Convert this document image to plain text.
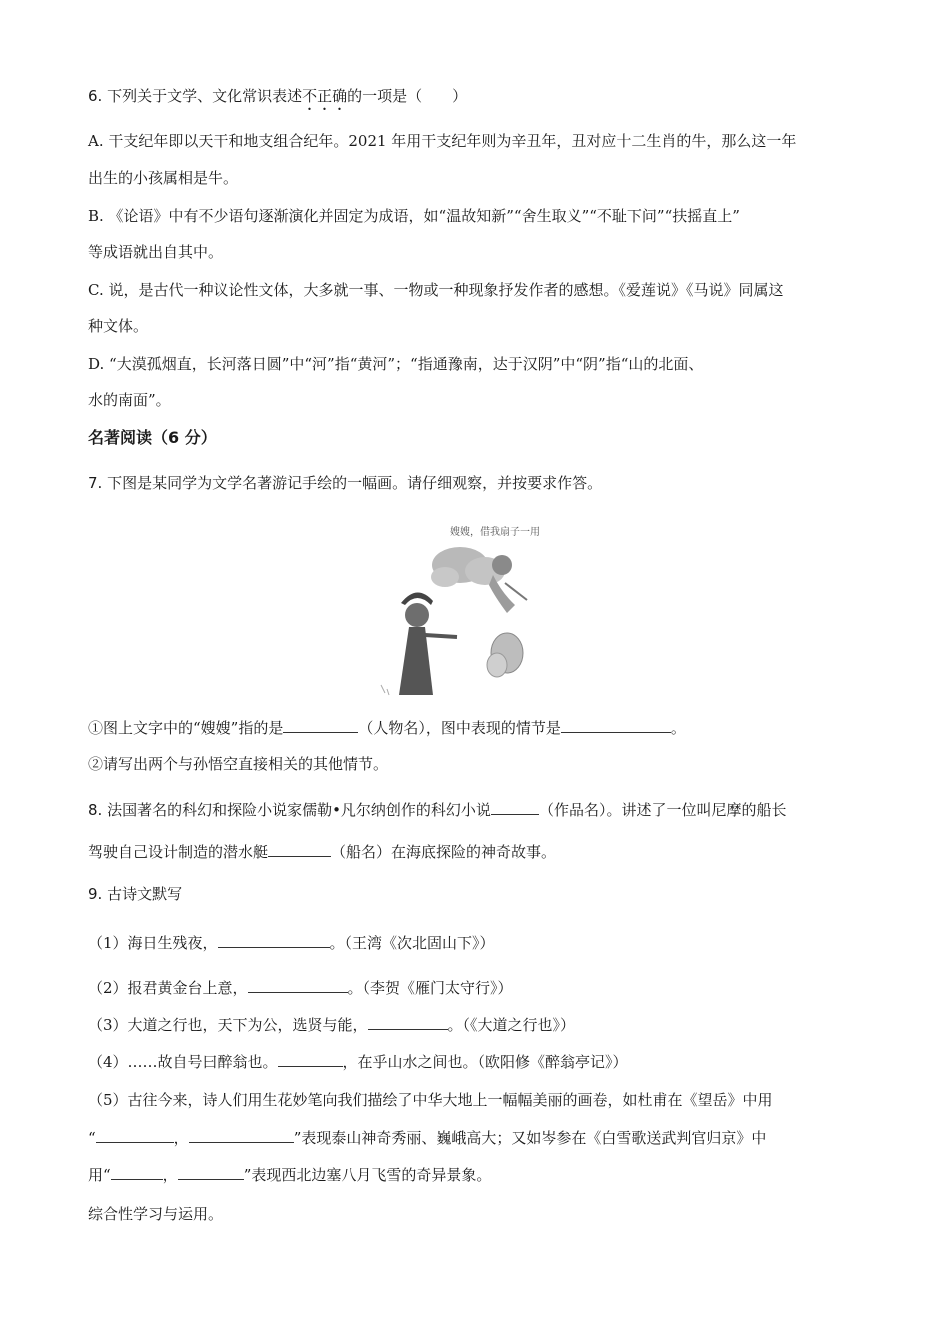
6. 下列关于文学、文化常识表述不正确的一项是（　　）
A. 干支纪年即以天干和地支组合纪年。2021 年用干支纪年则为辛丑年，丑对应十二生肖的牛，那么这一年
出生的小孩属相是牛。
B. 《论语》中有不少语句逐渐演化并固定为成语，如“温故知新”“舍生取义”“不耻下问”“扶摇直上”
等成语就出自其中。
C. 说，是古代一种议论性文体，大多就一事、一物或一种现象抒发作者的感想。《爱莲说》《马说》同属这
种文体。
D. “大漠孤烟直，长河落日圆”中“河”指“黄河”；“指通豫南，达于汉阴”中“阴”指“山的北面、
水的南面”。
名著阅读（6 分）
7. 下图是某同学为文学名著游记手绘的一幅画。请仔细观察，并按要求作答。
嫂嫂，借我扇子一用
①图上文字中的“嫂嫂”指的是	（人物名），图中表现的情节是	。
②请写出两个与孙悟空直接相关的其他情节。
8. 法国著名的科幻和探险小说家儒勒•凡尔纳创作的科幻小说	（作品名）。讲述了一位叫尼摩的船长
驾驶自己设计制造的潜水艇	（船名）在海底探险的神奇故事。
9. 古诗文默写
（1）海日生残夜，	。（王湾《次北固山下》）
（2）报君黄金台上意，	。（李贺《雁门太守行》）
（3）大道之行也，天下为公，选贤与能，	。（《大道之行也》）
（4）……故自号曰醉翁也。	，在乎山水之间也。（欧阳修《醉翁亭记》）
（5）古往今来，诗人们用生花妙笔向我们描绘了中华大地上一幅幅美丽的画卷，如杜甫在《望岳》中用
“	，	”表现泰山神奇秀丽、巍峨高大；又如岑参在《白雪歌送武判官归京》中
用“	，	”表现西北边塞八月飞雪的奇异景象。
综合性学习与运用。
